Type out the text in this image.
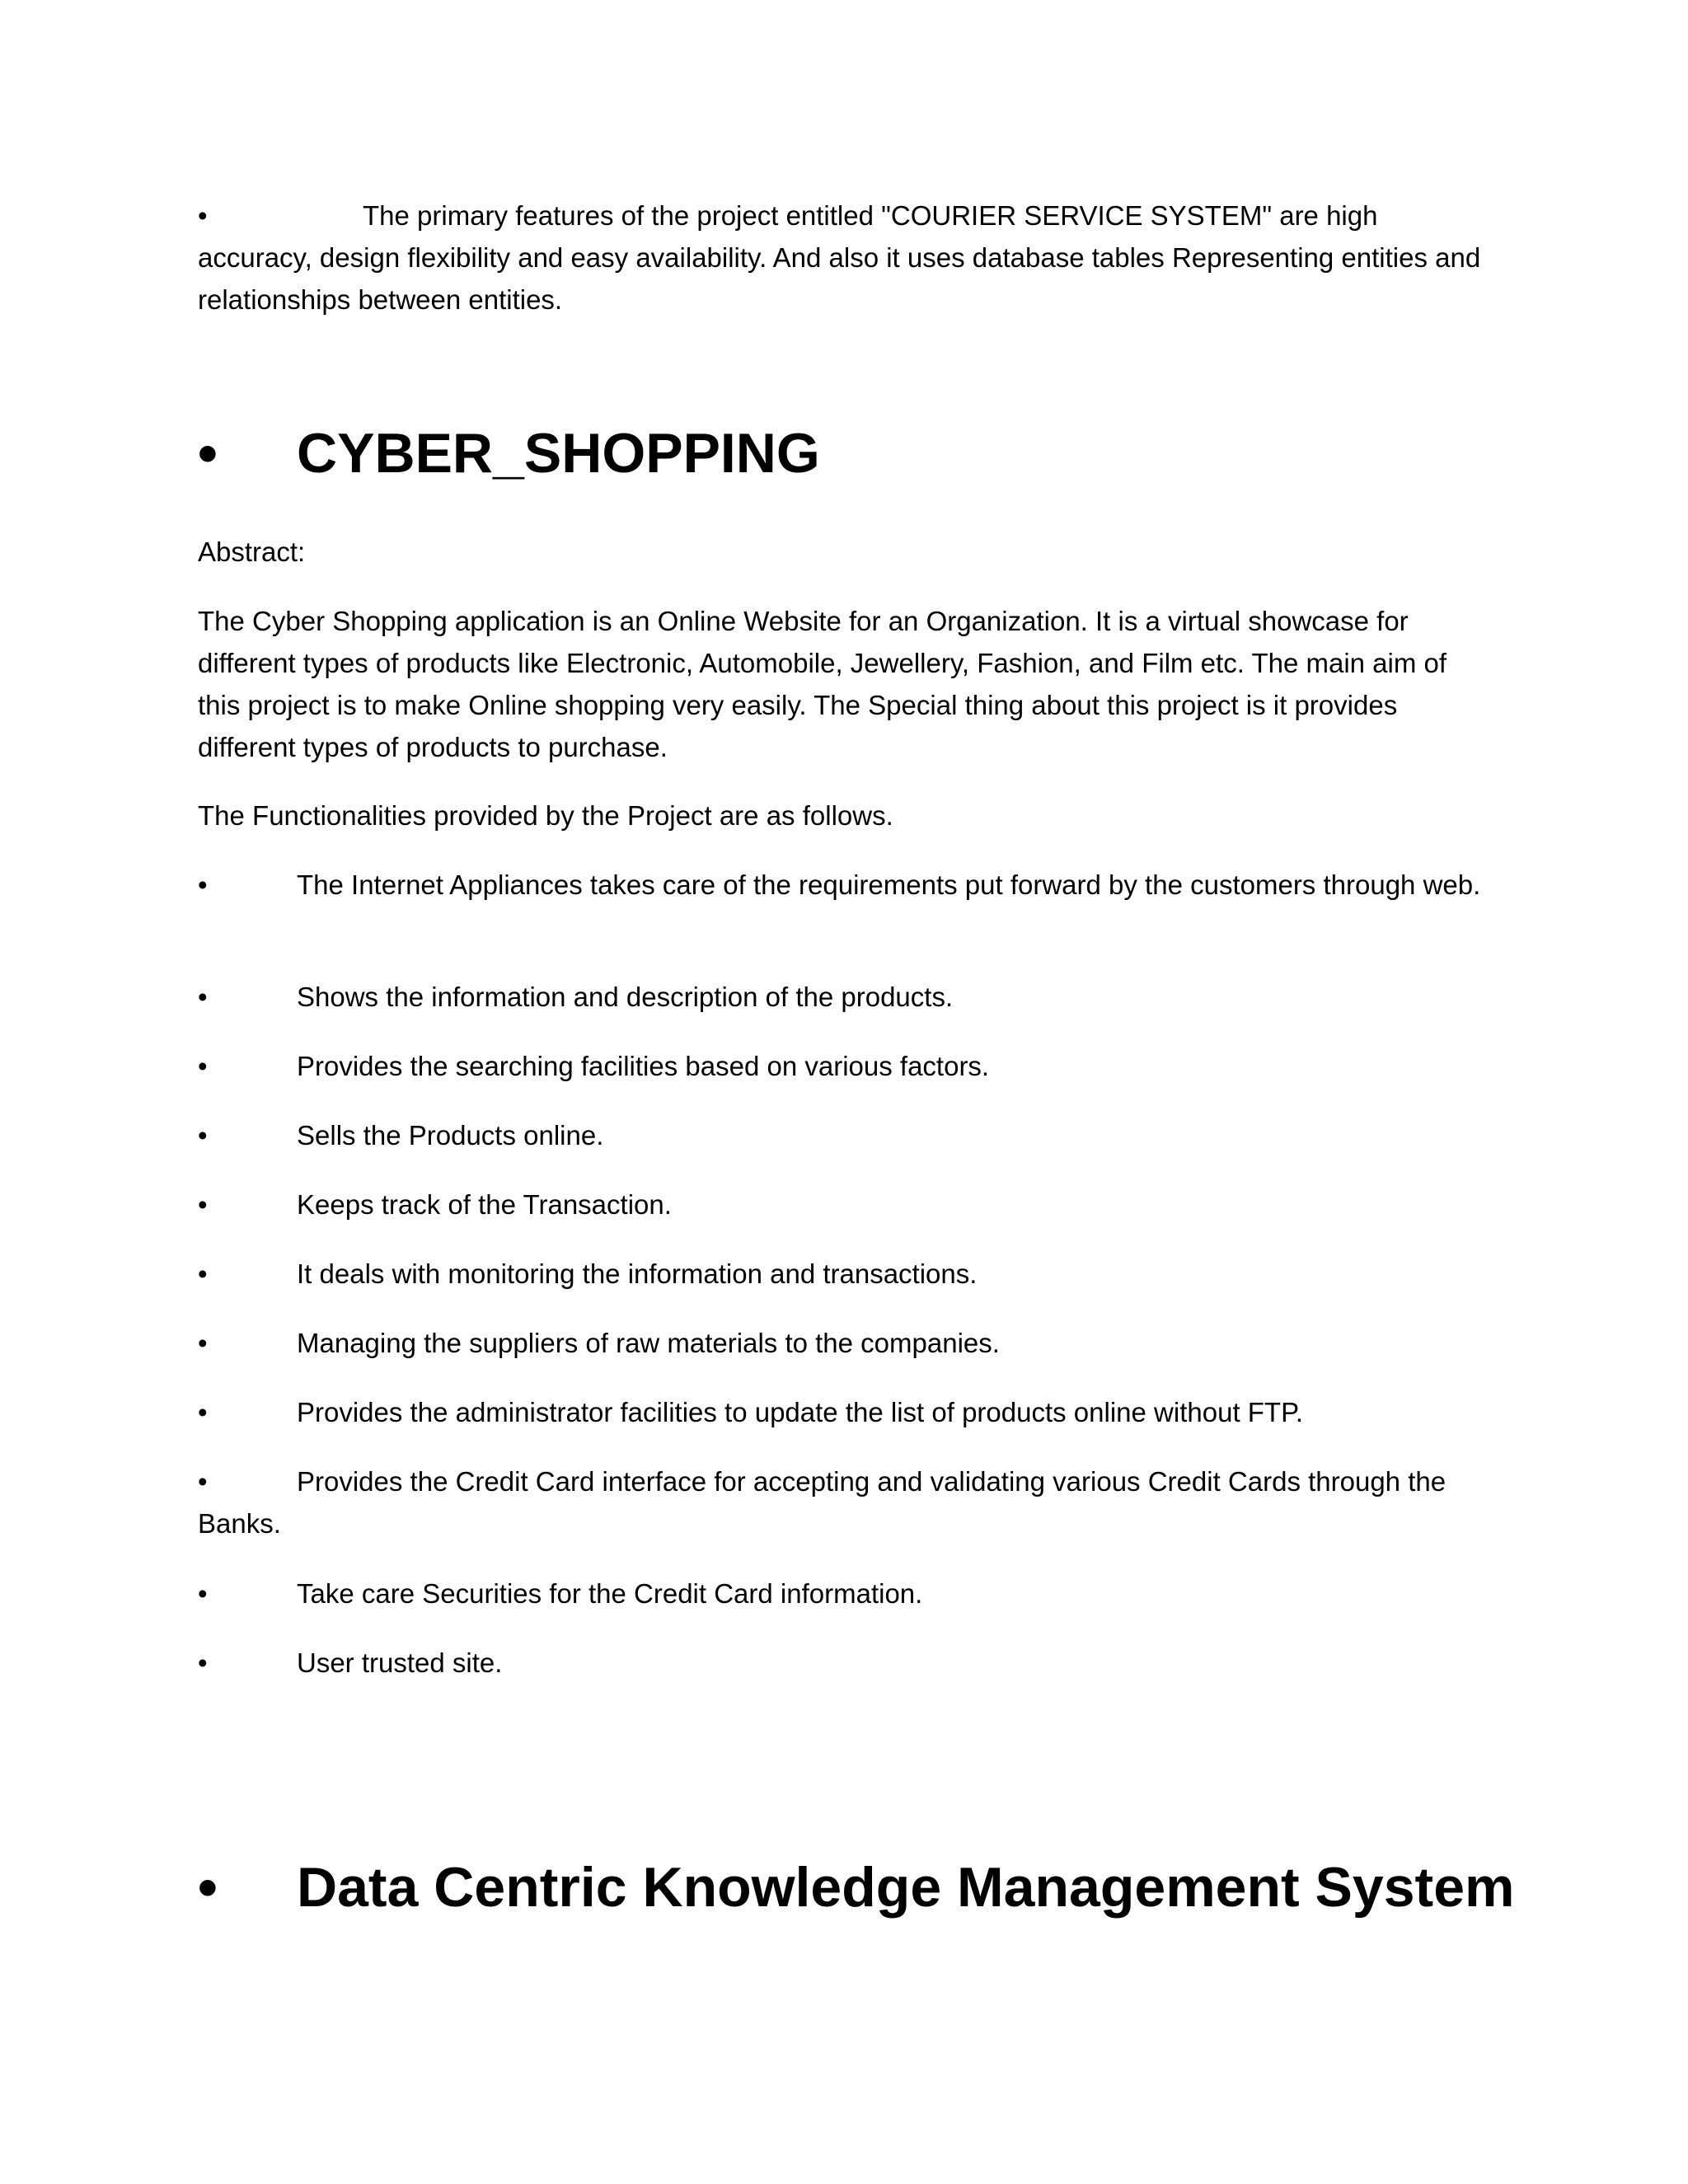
•	The primary features of the project entitled "COURIER SERVICE SYSTEM" are high accuracy, design flexibility and easy availability. And also it uses database tables Representing entities and relationships between entities.

• CYBER_SHOPPING

Abstract:

The Cyber Shopping application is an Online Website for an Organization. It is a virtual showcase for different types of products like Electronic, Automobile, Jewellery, Fashion, and Film etc. The main aim of this project is to make Online shopping very easily. The Special thing about this project is it provides different types of products to purchase.

The Functionalities provided by the Project are as follows.

•	The Internet Appliances takes care of the requirements put forward by the customers through web.

•	Shows the information and description of the products.

•	Provides the searching facilities based on various factors.

•	Sells the Products online.

•	Keeps track of the Transaction.

•	It deals with monitoring the information and transactions.

•	Managing the suppliers of raw materials to the companies.

•	Provides the administrator facilities to update the list of products online without FTP.

•	Provides the Credit Card interface for accepting and validating various Credit Cards through the Banks.

•	Take care Securities for the Credit Card information.

•	User trusted site.

• Data Centric Knowledge Management System
